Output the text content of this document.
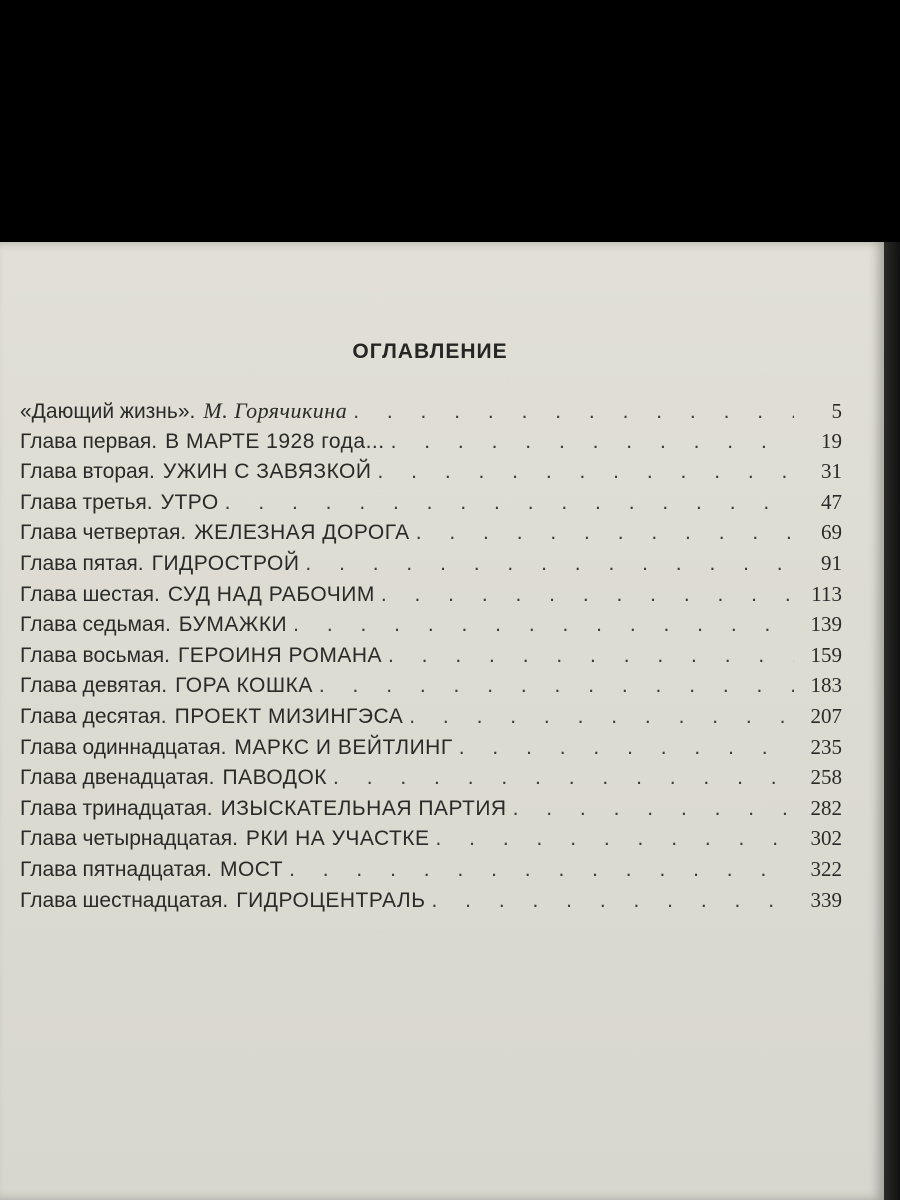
ОГЛАВЛЕНИЕ
«Дающий жизнь». М. Горячикина . . .	5
Глава первая. В МАРТЕ 1928 года... . . .	19
Глава вторая. УЖИН С ЗАВЯЗКОЙ . . .	31
Глава третья. УТРО . . .	47
Глава четвертая. ЖЕЛЕЗНАЯ ДОРОГА . . .	69
Глава пятая. ГИДРОСТРОЙ . . .	91
Глава шестая. СУД НАД РАБОЧИМ . . .	113
Глава седьмая. БУМАЖКИ . . .	139
Глава восьмая. ГЕРОИНЯ РОМАНА . . .	159
Глава девятая. ГОРА КОШКА . . .	183
Глава десятая. ПРОЕКТ МИЗИНГЭСА . . .	207
Глава одиннадцатая. МАРКС И ВЕЙТЛИНГ . . .	235
Глава двенадцатая. ПАВОДОК . . .	258
Глава тринадцатая. ИЗЫСКАТЕЛЬНАЯ ПАРТИЯ . . .	282
Глава четырнадцатая. РКИ НА УЧАСТКЕ . . .	302
Глава пятнадцатая. МОСТ . . .	322
Глава шестнадцатая. ГИДРОЦЕНТРАЛЬ . . .	339
